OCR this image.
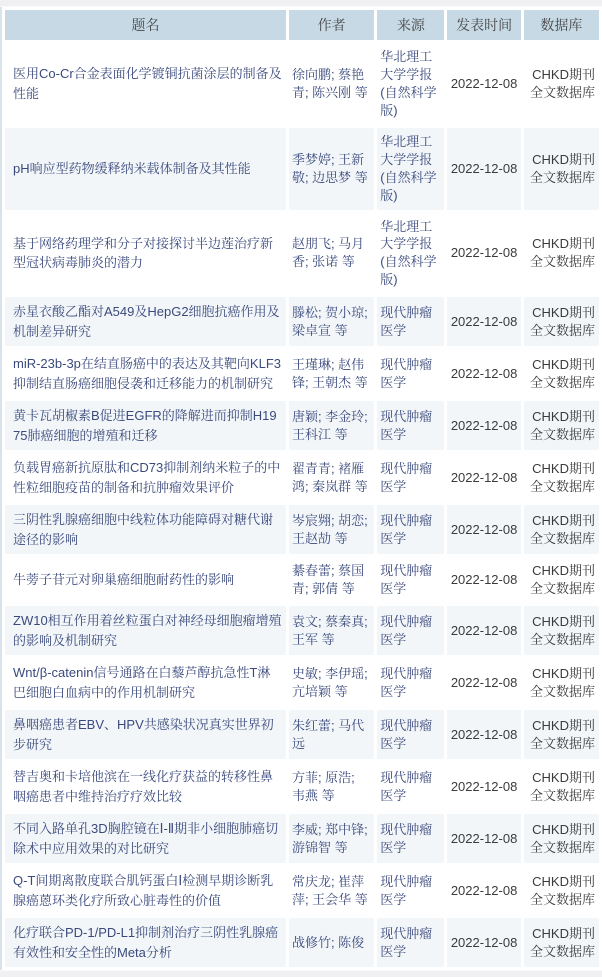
题名	作者	来源	发表时间	数据库
医用Co-Cr合金表面化学镀铜抗菌涂层的制备及性能	徐向鹏; 蔡艳青; 陈兴刚 等	华北理工大学学报(自然科学版)	2022-12-08	CHKD期刊全文数据库
pH响应型药物缓释纳米载体制备及其性能	季梦婷; 王新敬; 边思梦 等	华北理工大学学报(自然科学版)	2022-12-08	CHKD期刊全文数据库
基于网络药理学和分子对接探讨半边莲治疗新型冠状病毒肺炎的潜力	赵朋飞; 马月香; 张诺 等	华北理工大学学报(自然科学版)	2022-12-08	CHKD期刊全文数据库
赤星衣酸乙酯对A549及HepG2细胞抗癌作用及机制差异研究	滕松; 贺小琼; 梁卓宣 等	现代肿瘤医学	2022-12-08	CHKD期刊全文数据库
miR-23b-3p在结直肠癌中的表达及其靶向KLF3抑制结直肠癌细胞侵袭和迁移能力的机制研究	王瑾琳; 赵伟锋; 王朝杰 等	现代肿瘤医学	2022-12-08	CHKD期刊全文数据库
黄卡瓦胡椒素B促进EGFR的降解进而抑制H1975肺癌细胞的增殖和迁移	唐颖; 李金玲; 王科江 等	现代肿瘤医学	2022-12-08	CHKD期刊全文数据库
负载胃癌新抗原肽和CD73抑制剂纳米粒子的中性粒细胞疫苗的制备和抗肿瘤效果评价	翟青青; 褚雁鸿; 秦岚群 等	现代肿瘤医学	2022-12-08	CHKD期刊全文数据库
三阴性乳腺癌细胞中线粒体功能障碍对糖代谢途径的影响	岑宸翙; 胡恋; 王赵劼 等	现代肿瘤医学	2022-12-08	CHKD期刊全文数据库
牛蒡子苷元对卵巢癌细胞耐药性的影响	綦春蕾; 蔡国青; 郭倩 等	现代肿瘤医学	2022-12-08	CHKD期刊全文数据库
ZW10相互作用着丝粒蛋白对神经母细胞瘤增殖的影响及机制研究	袁文; 蔡秦真; 王军 等	现代肿瘤医学	2022-12-08	CHKD期刊全文数据库
Wnt/β-catenin信号通路在白藜芦醇抗急性T淋巴细胞白血病中的作用机制研究	史敏; 李伊瑶; 亢培颖 等	现代肿瘤医学	2022-12-08	CHKD期刊全文数据库
鼻咽癌患者EBV、HPV共感染状况真实世界初步研究	朱红蕾; 马代远	现代肿瘤医学	2022-12-08	CHKD期刊全文数据库
替吉奥和卡培他滨在一线化疗获益的转移性鼻咽癌患者中维持治疗疗效比较	方菲; 原浩; 韦燕 等	现代肿瘤医学	2022-12-08	CHKD期刊全文数据库
不同入路单孔3D胸腔镜在Ⅰ-Ⅱ期非小细胞肺癌切除术中应用效果的对比研究	李威; 郑中锋; 游锦智 等	现代肿瘤医学	2022-12-08	CHKD期刊全文数据库
Q-T间期离散度联合肌钙蛋白Ⅰ检测早期诊断乳腺癌蒽环类化疗所致心脏毒性的价值	常庆龙; 崔萍萍; 王会华 等	现代肿瘤医学	2022-12-08	CHKD期刊全文数据库
化疗联合PD-1/PD-L1抑制剂治疗三阴性乳腺癌有效性和安全性的Meta分析	战修竹; 陈俊	现代肿瘤医学	2022-12-08	CHKD期刊全文数据库
